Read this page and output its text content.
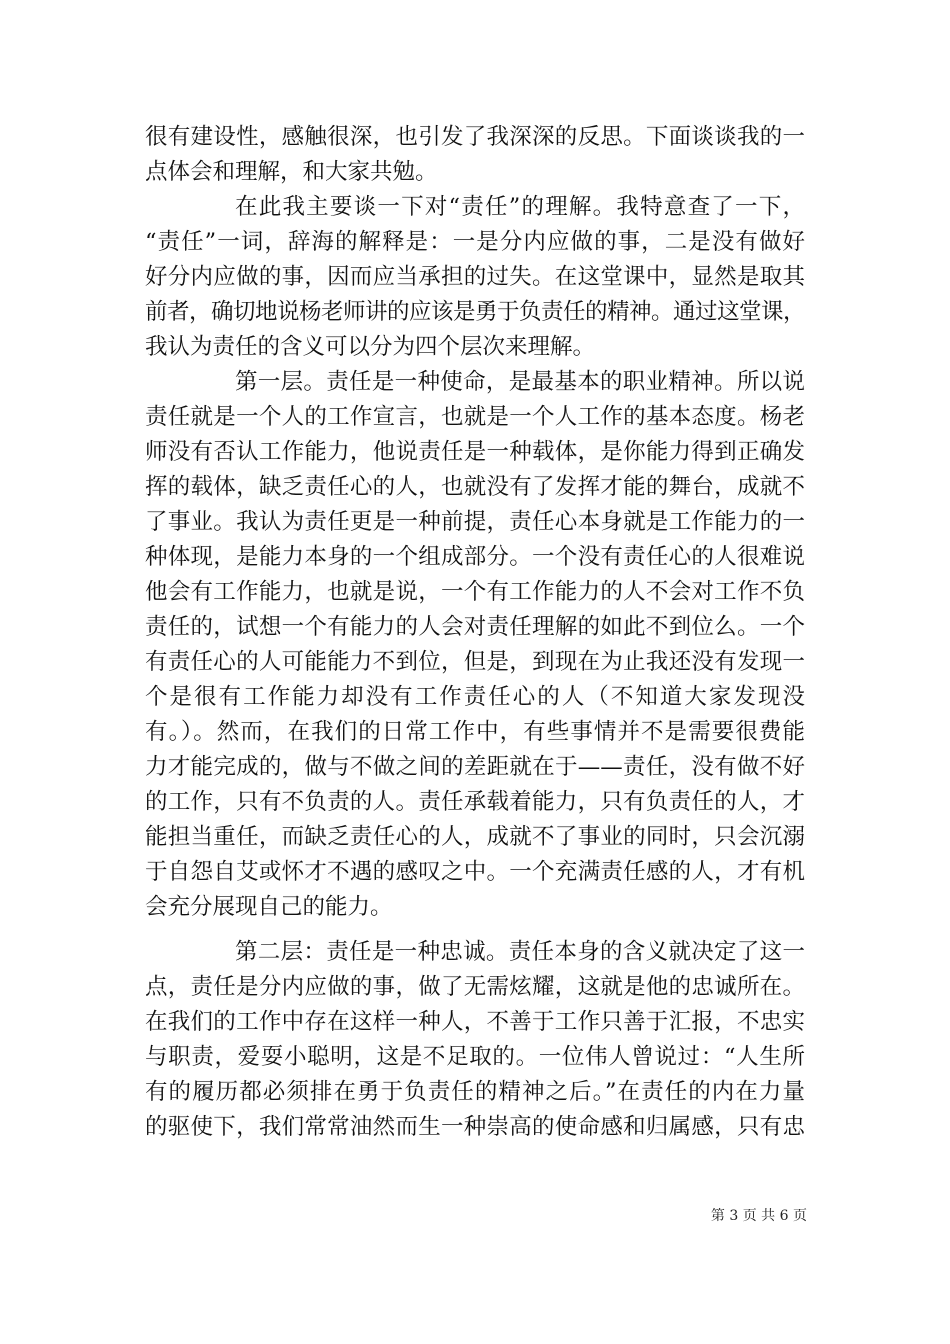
很有建设性，感触很深，也引发了我深深的反思。下面谈谈我的一
点体会和理解，和大家共勉。
在此我主要谈一下对“责任”的理解。我特意查了一下，
“责任”一词，辞海的解释是：一是分内应做的事，二是没有做好
好分内应做的事，因而应当承担的过失。在这堂课中，显然是取其
前者，确切地说杨老师讲的应该是勇于负责任的精神。通过这堂课，
我认为责任的含义可以分为四个层次来理解。
第一层。责任是一种使命，是最基本的职业精神。所以说
责任就是一个人的工作宣言，也就是一个人工作的基本态度。杨老
师没有否认工作能力，他说责任是一种载体，是你能力得到正确发
挥的载体，缺乏责任心的人，也就没有了发挥才能的舞台，成就不
了事业。我认为责任更是一种前提，责任心本身就是工作能力的一
种体现，是能力本身的一个组成部分。一个没有责任心的人很难说
他会有工作能力，也就是说，一个有工作能力的人不会对工作不负
责任的，试想一个有能力的人会对责任理解的如此不到位么。一个
有责任心的人可能能力不到位，但是，到现在为止我还没有发现一
个是很有工作能力却没有工作责任心的人（不知道大家发现没
有。）。然而，在我们的日常工作中，有些事情并不是需要很费能
力才能完成的，做与不做之间的差距就在于——责任，没有做不好
的工作，只有不负责的人。责任承载着能力，只有负责任的人，才
能担当重任，而缺乏责任心的人，成就不了事业的同时，只会沉溺
于自怨自艾或怀才不遇的感叹之中。一个充满责任感的人，才有机
会充分展现自己的能力。
第二层：责任是一种忠诚。责任本身的含义就决定了这一
点，责任是分内应做的事，做了无需炫耀，这就是他的忠诚所在。
在我们的工作中存在这样一种人，不善于工作只善于汇报，不忠实
与职责，爱耍小聪明，这是不足取的。一位伟人曾说过：“人生所
有的履历都必须排在勇于负责任的精神之后。”在责任的内在力量
的驱使下，我们常常油然而生一种崇高的使命感和归属感，只有忠
第 3 页 共 6 页
